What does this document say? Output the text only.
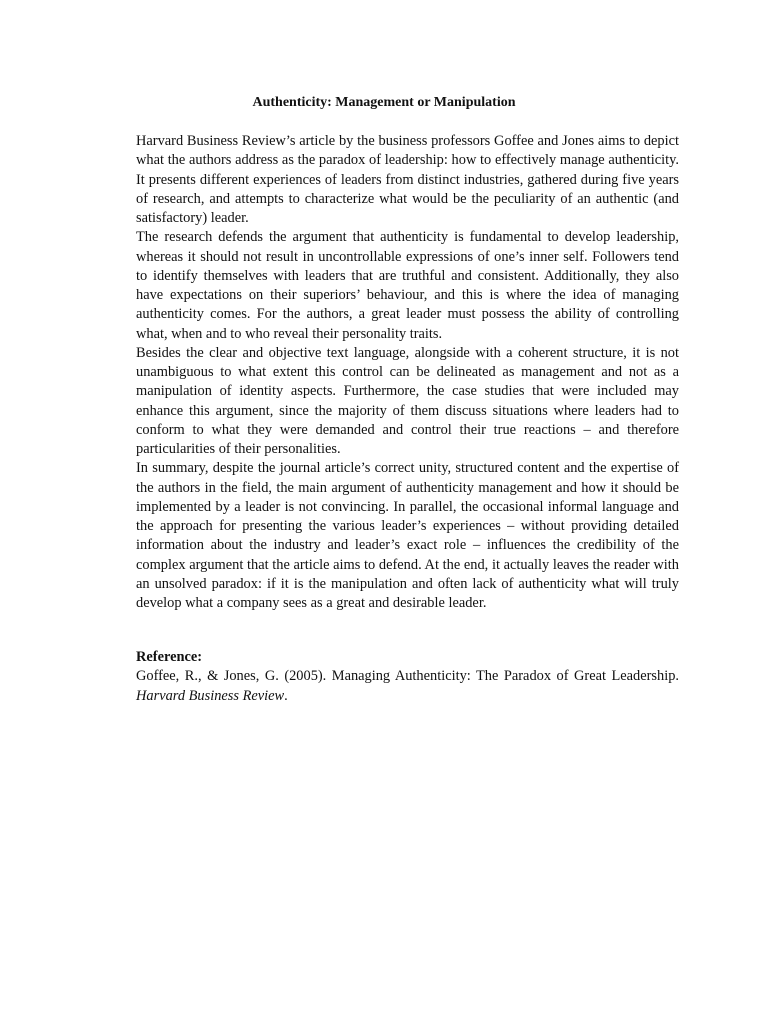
Authenticity: Management or Manipulation

Harvard Business Review’s article by the business professors Goffee and Jones aims to depict what the authors address as the paradox of leadership: how to effectively manage authenticity. It presents different experiences of leaders from distinct industries, gathered during five years of research, and attempts to characterize what would be the peculiarity of an authentic (and satisfactory) leader.

The research defends the argument that authenticity is fundamental to develop leadership, whereas it should not result in uncontrollable expressions of one’s inner self. Followers tend to identify themselves with leaders that are truthful and consistent. Additionally, they also have expectations on their superiors’ behaviour, and this is where the idea of managing authenticity comes. For the authors, a great leader must possess the ability of controlling what, when and to who reveal their personality traits.

Besides the clear and objective text language, alongside with a coherent structure, it is not unambiguous to what extent this control can be delineated as management and not as a manipulation of identity aspects. Furthermore, the case studies that were included may enhance this argument, since the majority of them discuss situations where leaders had to conform to what they were demanded and control their true reactions – and therefore particularities of their personalities.

In summary, despite the journal article’s correct unity, structured content and the expertise of the authors in the field, the main argument of authenticity management and how it should be implemented by a leader is not convincing. In parallel, the occasional informal language and the approach for presenting the various leader’s experiences – without providing detailed information about the industry and leader’s exact role – influences the credibility of the complex argument that the article aims to defend. At the end, it actually leaves the reader with an unsolved paradox: if it is the manipulation and often lack of authenticity what will truly develop what a company sees as a great and desirable leader.

Reference:

Goffee, R., & Jones, G. (2005). Managing Authenticity: The Paradox of Great Leadership. Harvard Business Review.
